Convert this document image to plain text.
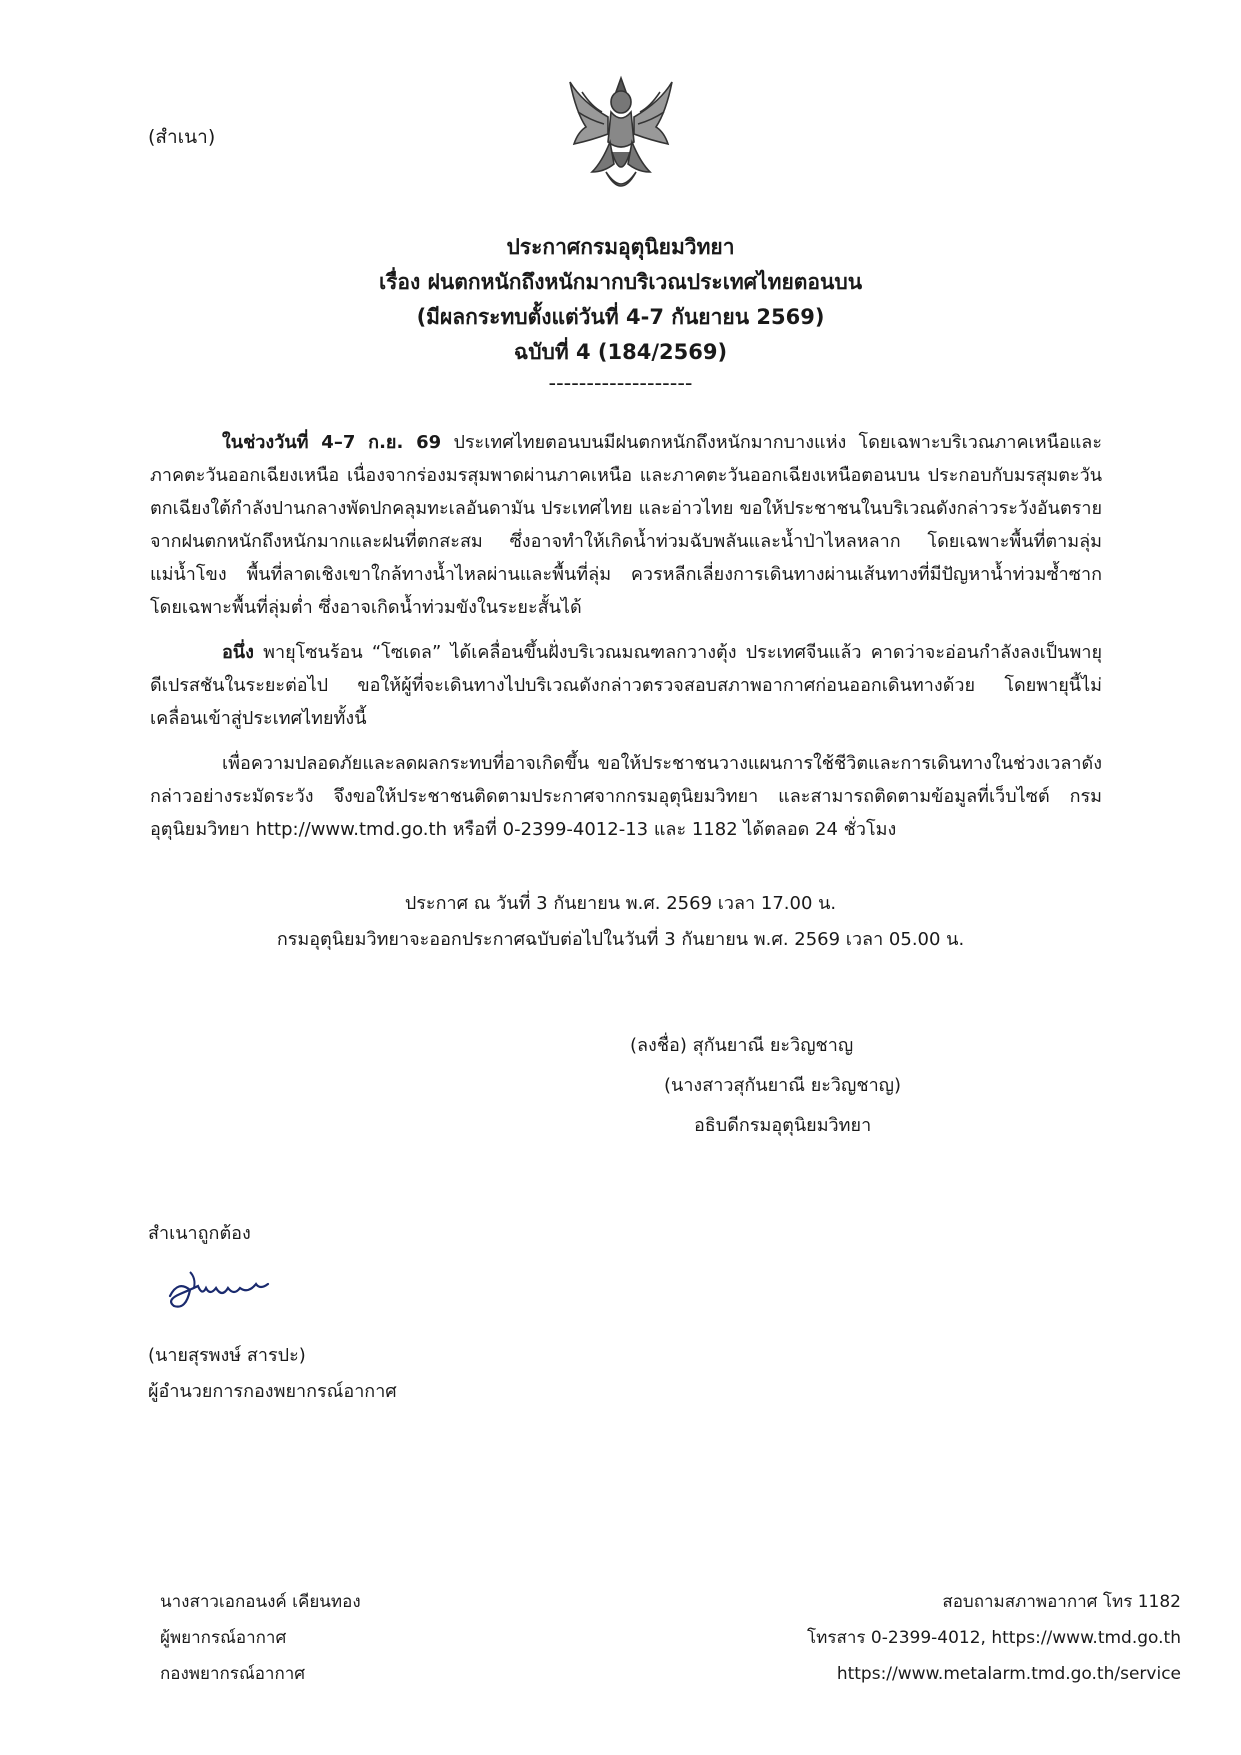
(สำเนา)
ประกาศกรมอุตุนิยมวิทยา
เรื่อง ฝนตกหนักถึงหนักมากบริเวณประเทศไทยตอนบน
(มีผลกระทบตั้งแต่วันที่ 4-7 กันยายน 2569)
ฉบับที่ 4 (184/2569)
-------------------

ในช่วงวันที่ 4–7 ก.ย. 69 ประเทศไทยตอนบนมีฝนตกหนักถึงหนักมากบางแห่ง โดยเฉพาะบริเวณภาคเหนือและภาคตะวันออกเฉียงเหนือ เนื่องจากร่องมรสุมพาดผ่านภาคเหนือ และภาคตะวันออกเฉียงเหนือตอนบน ประกอบกับมรสุมตะวันตกเฉียงใต้กำลังปานกลางพัดปกคลุมทะเลอันดามัน ประเทศไทย และอ่าวไทย ขอให้ประชาชนในบริเวณดังกล่าวระวังอันตรายจากฝนตกหนักถึงหนักมากและฝนที่ตกสะสม ซึ่งอาจทำให้เกิดน้ำท่วมฉับพลันและน้ำป่าไหลหลาก โดยเฉพาะพื้นที่ตามลุ่มแม่น้ำโขง พื้นที่ลาดเชิงเขาใกล้ทางน้ำไหลผ่านและพื้นที่ลุ่ม ควรหลีกเลี่ยงการเดินทางผ่านเส้นทางที่มีปัญหาน้ำท่วมซ้ำซาก โดยเฉพาะพื้นที่ลุ่มต่ำ ซึ่งอาจเกิดน้ำท่วมขังในระยะสั้นได้

อนึ่ง พายุโซนร้อน “โซเดล” ได้เคลื่อนขึ้นฝั่งบริเวณมณฑลกวางตุ้ง ประเทศจีนแล้ว คาดว่าจะอ่อนกำลังลงเป็นพายุดีเปรสชันในระยะต่อไป ขอให้ผู้ที่จะเดินทางไปบริเวณดังกล่าวตรวจสอบสภาพอากาศก่อนออกเดินทางด้วย โดยพายุนี้ไม่เคลื่อนเข้าสู่ประเทศไทยทั้งนี้

เพื่อความปลอดภัยและลดผลกระทบที่อาจเกิดขึ้น ขอให้ประชาชนวางแผนการใช้ชีวิตและการเดินทางในช่วงเวลาดังกล่าวอย่างระมัดระวัง จึงขอให้ประชาชนติดตามประกาศจากกรมอุตุนิยมวิทยา และสามารถติดตามข้อมูลที่เว็บไซต์ กรมอุตุนิยมวิทยา http://www.tmd.go.th หรือที่ 0-2399-4012-13 และ 1182 ได้ตลอด 24 ชั่วโมง

ประกาศ ณ วันที่ 3 กันยายน พ.ศ. 2569 เวลา 17.00 น.
กรมอุตุนิยมวิทยาจะออกประกาศฉบับต่อไปในวันที่ 3 กันยายน พ.ศ. 2569 เวลา 05.00 น.
(ลงชื่อ) สุกันยาณี ยะวิญชาญ
(นางสาวสุกันยาณี ยะวิญชาญ)
อธิบดีกรมอุตุนิยมวิทยา
สำเนาถูกต้อง
(นายสุรพงษ์ สารปะ)
ผู้อำนวยการกองพยากรณ์อากาศ
นางสาวเอกอนงค์ เคียนทอง
ผู้พยากรณ์อากาศ
กองพยากรณ์อากาศ
สอบถามสภาพอากาศ โทร 1182
โทรสาร 0-2399-4012, https://www.tmd.go.th
https://www.metalarm.tmd.go.th/service
